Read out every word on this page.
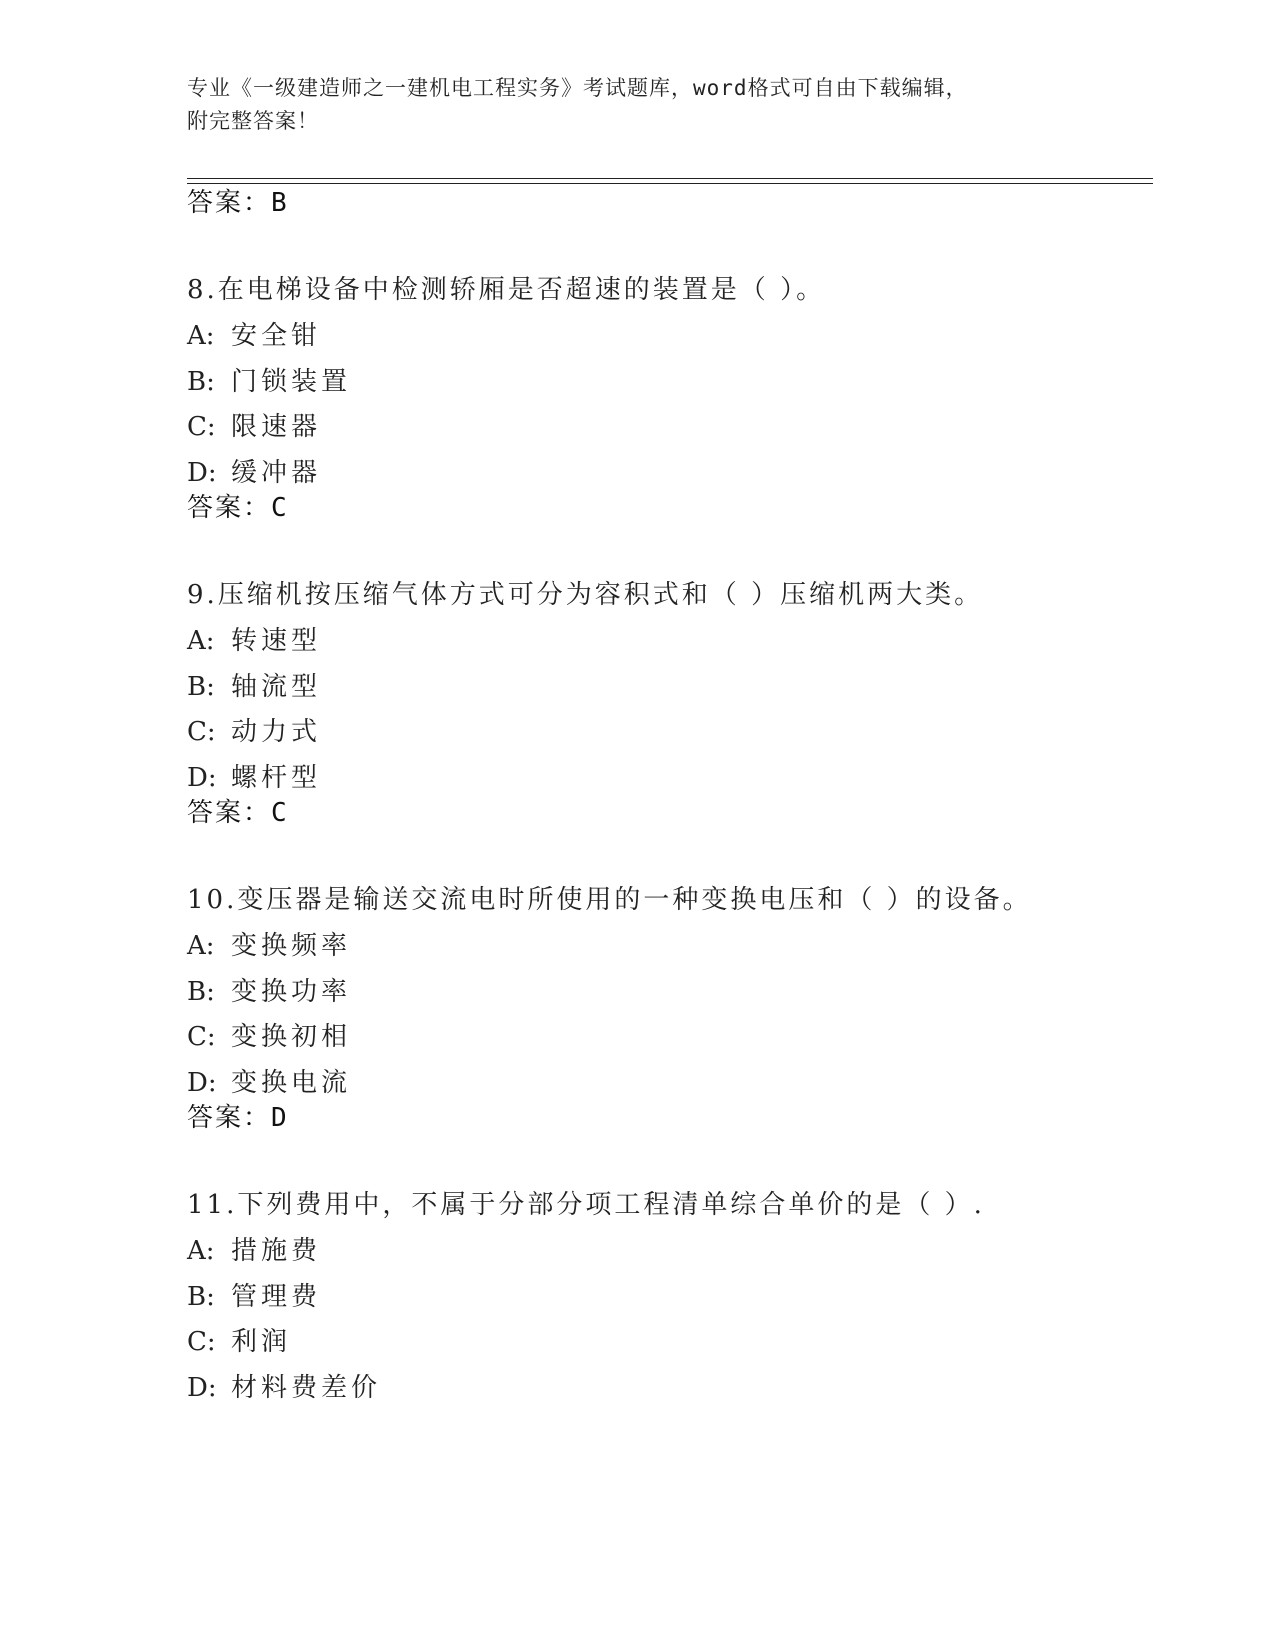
专业《一级建造师之一建机电工程实务》考试题库，word格式可自由下载编辑，
附完整答案！
答案：B
8.在电梯设备中检测轿厢是否超速的装置是（ ）。
A: 安全钳
B: 门锁装置
C: 限速器
D: 缓冲器
答案：C
9.压缩机按压缩气体方式可分为容积式和（ ）压缩机两大类。
A: 转速型
B: 轴流型
C: 动力式
D: 螺杆型
答案：C
10.变压器是输送交流电时所使用的一种变换电压和（ ）的设备。
A: 变换频率
B: 变换功率
C: 变换初相
D: 变换电流
答案：D
11.下列费用中，不属于分部分项工程清单综合单价的是（ ）.
A: 措施费
B: 管理费
C: 利润
D: 材料费差价
